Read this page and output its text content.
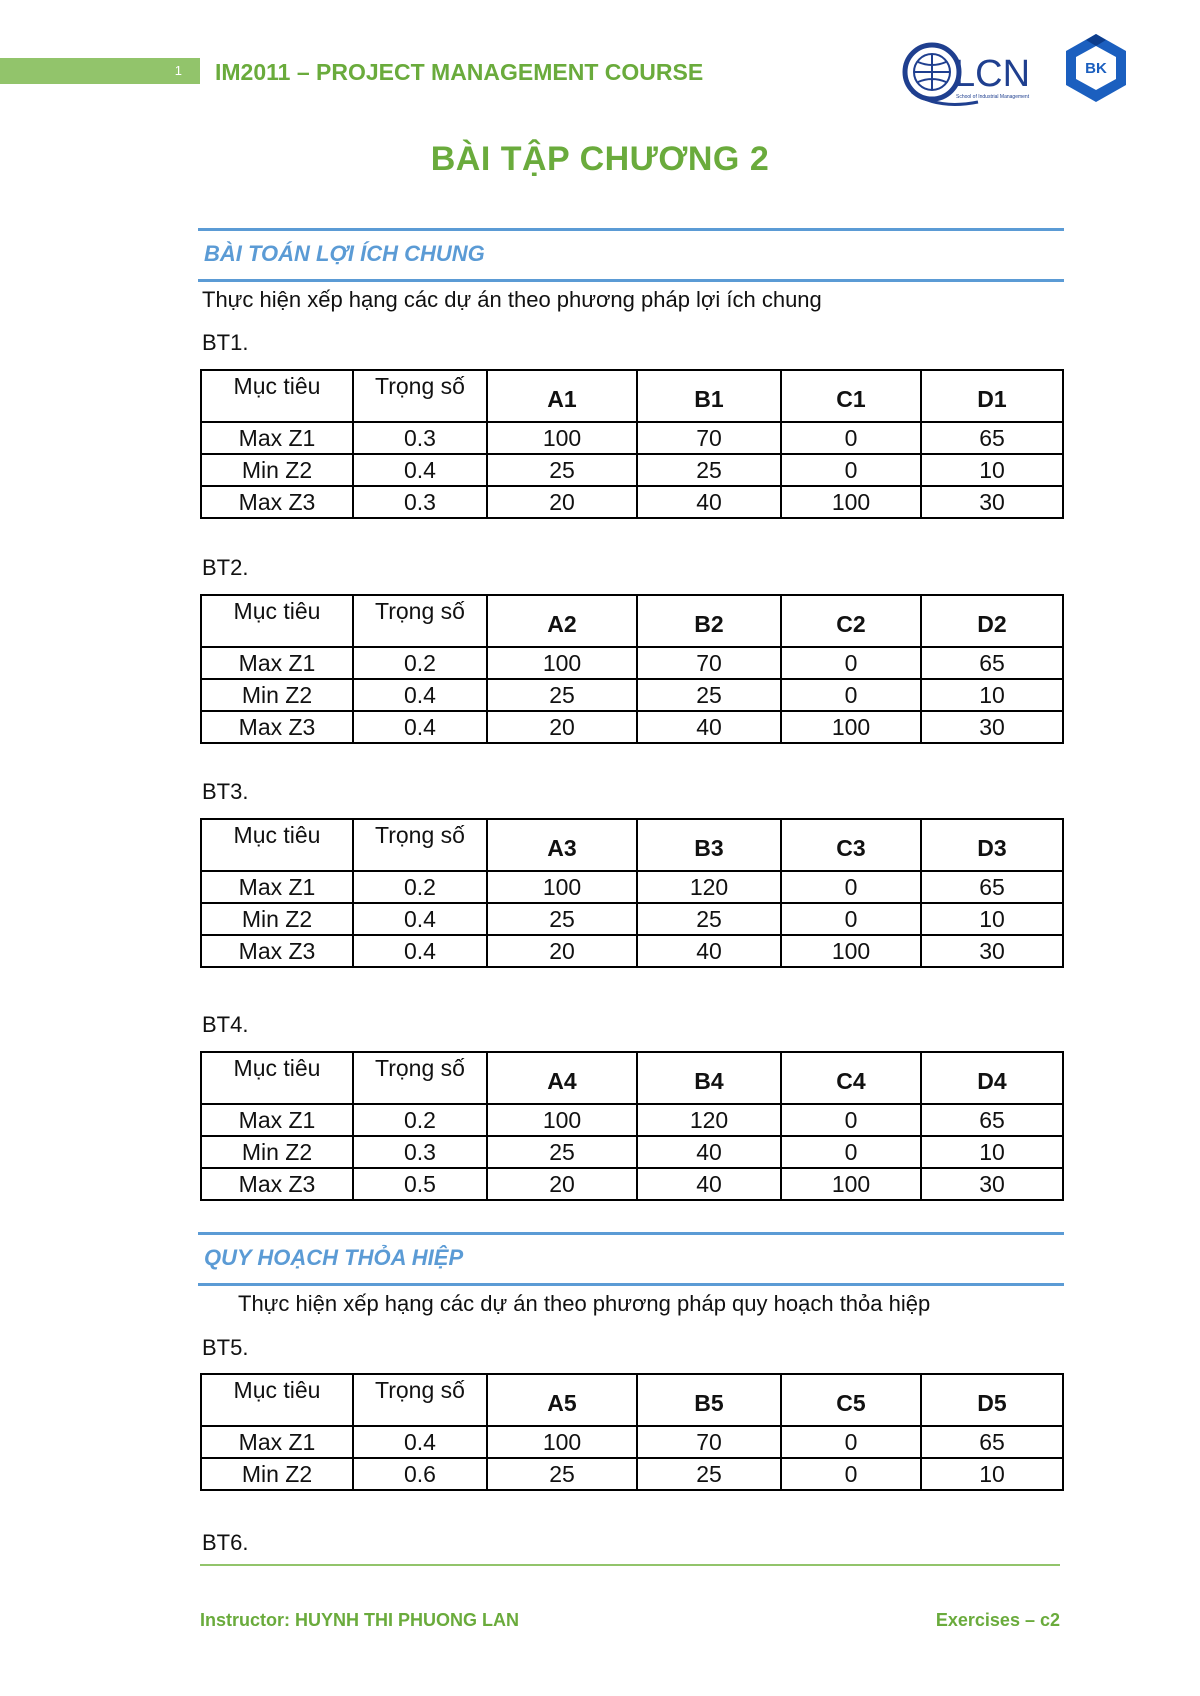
1	IM2011 – PROJECT MANAGEMENT COURSE	LCN
School of Industrial Management
BK
BÀI TẬP CHƯƠNG 2
BÀI TOÁN LỢI ÍCH CHUNG
Thực hiện xếp hạng các dự án theo phương pháp lợi ích chung
BT1.
Mục tiêu	Trọng số	A1	B1	C1	D1
Max Z1	0.3	100	70	0	65
Min Z2	0.4	25	25	0	10
Max Z3	0.3	20	40	100	30
BT2.
Mục tiêu	Trọng số	A2	B2	C2	D2
Max Z1	0.2	100	70	0	65
Min Z2	0.4	25	25	0	10
Max Z3	0.4	20	40	100	30
BT3.
Mục tiêu	Trọng số	A3	B3	C3	D3
Max Z1	0.2	100	120	0	65
Min Z2	0.4	25	25	0	10
Max Z3	0.4	20	40	100	30
BT4.
Mục tiêu	Trọng số	A4	B4	C4	D4
Max Z1	0.2	100	120	0	65
Min Z2	0.3	25	40	0	10
Max Z3	0.5	20	40	100	30
QUY HOẠCH THỎA HIỆP
Thực hiện xếp hạng các dự án theo phương pháp quy hoạch thỏa hiệp
BT5.
Mục tiêu	Trọng số	A5	B5	C5	D5
Max Z1	0.4	100	70	0	65
Min Z2	0.6	25	25	0	10
BT6.
Instructor: HUYNH THI PHUONG LAN	Exercises – c2
